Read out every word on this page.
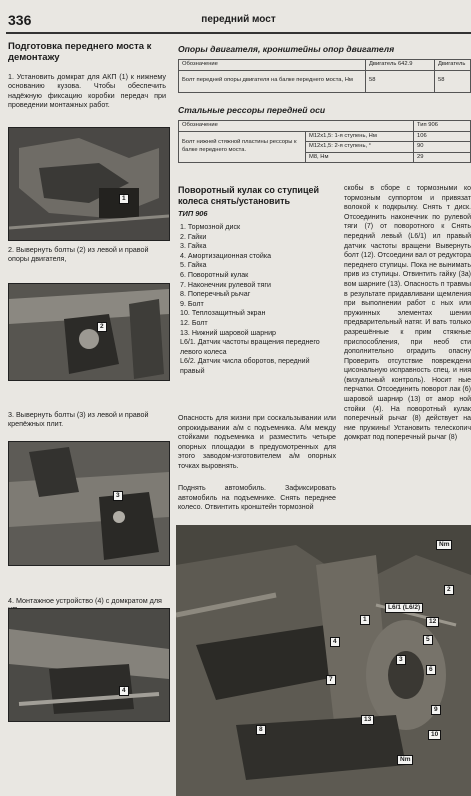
336	передний мост
Подготовка переднего моста к демонтажу
1. Установить домкрат для АКП (1) к нижнему основанию кузова. Чтобы обеспечить надёжную фиксацию коробки передач при проведении монтажных работ.
1
2. Вывернуть болты (2) из левой и правой опоры двигателя,
2
3. Вывернуть болты (3) из левой и правой крепёжных плит.
3
4. Монтажное устройство (4) с домкратом для
4
Опоры двигателя, кронштейны опор двигателя
Обозначение	Двигатель 642.9	Двигатель
Болт передней опоры двигателя на балке переднего моста, Нм	58	58
Стальные рессоры передней оси
Обозначение		Тип 906
Болт нижней стяжной пластины рессоры к балке переднего моста.	M12x1,5: 1-я ступень, Нм	106
	M12x1,5: 2-я ступень, °	90
	M8, Нм	29
Поворотный кулак со ступицей колеса снять/установить
ТИП 906
1. Тормозной диск
2. Гайки
3. Гайка
4. Амортизационная стойка
5. Гайка
6. Поворотный кулак
7. Наконечник рулевой тяги
8. Поперечный рычаг
9. Болт
10. Теплозащитный экран
12. Болт
13. Нижний шаровой шарнир
L6/1. Датчик частоты вращения переднего левого колеса
L6/2. Датчик числа оборотов, передний правый
Опасность для жизни при соскальзывании или опрокидывании а/м с подъемника. А/м между стойками подъемника и разместить четыре опорных площадки в предусмотренных для этого заводом-изготовителем а/м опорных точках выровнять.
Поднять автомобиль. Зафиксировать автомобиль на подъемнике. Снять переднее колесо. Отвинтить кронштейн тормозной
скобы в сборе с тормозными ко тормозным суппортом и привязат волокой к подкрылку. Снять т диск. Отсоединить наконечник по рулевой тяги (7) от поворотного к Снять передний левый (L6/1) ил правый датчик частоты вращени Вывернуть болт (12). Отсоедини вал от редуктора переднего ступицы. Пока не вынимать прив из ступицы. Отвинтить гайку (3а) вом шарниre (13). Опасность п травмы в результате придавливани щемления при выполнении работ с ных или пружинных элементах шении предварительный натяг. И вать только разрешённые к прим стяжные приспособления, при необ сти дополнительно оградить опасну Проверить отсутствие повреждени цисональную исправность спец. и ния (визуальный контроль). Носит ные перчатки. Отсоединить поворот лак (6) шаровой шарнир (13) от амор ной стойки (4). На поворотный кулак поперечный рычаг (8) действует на ние пружины! Установить телескопич домкрат под поперечный рычаг (8)
Nm
L6/1 (L6/2)
Nm
1
2
3
4	5
6
7
8
9
10
12
13
